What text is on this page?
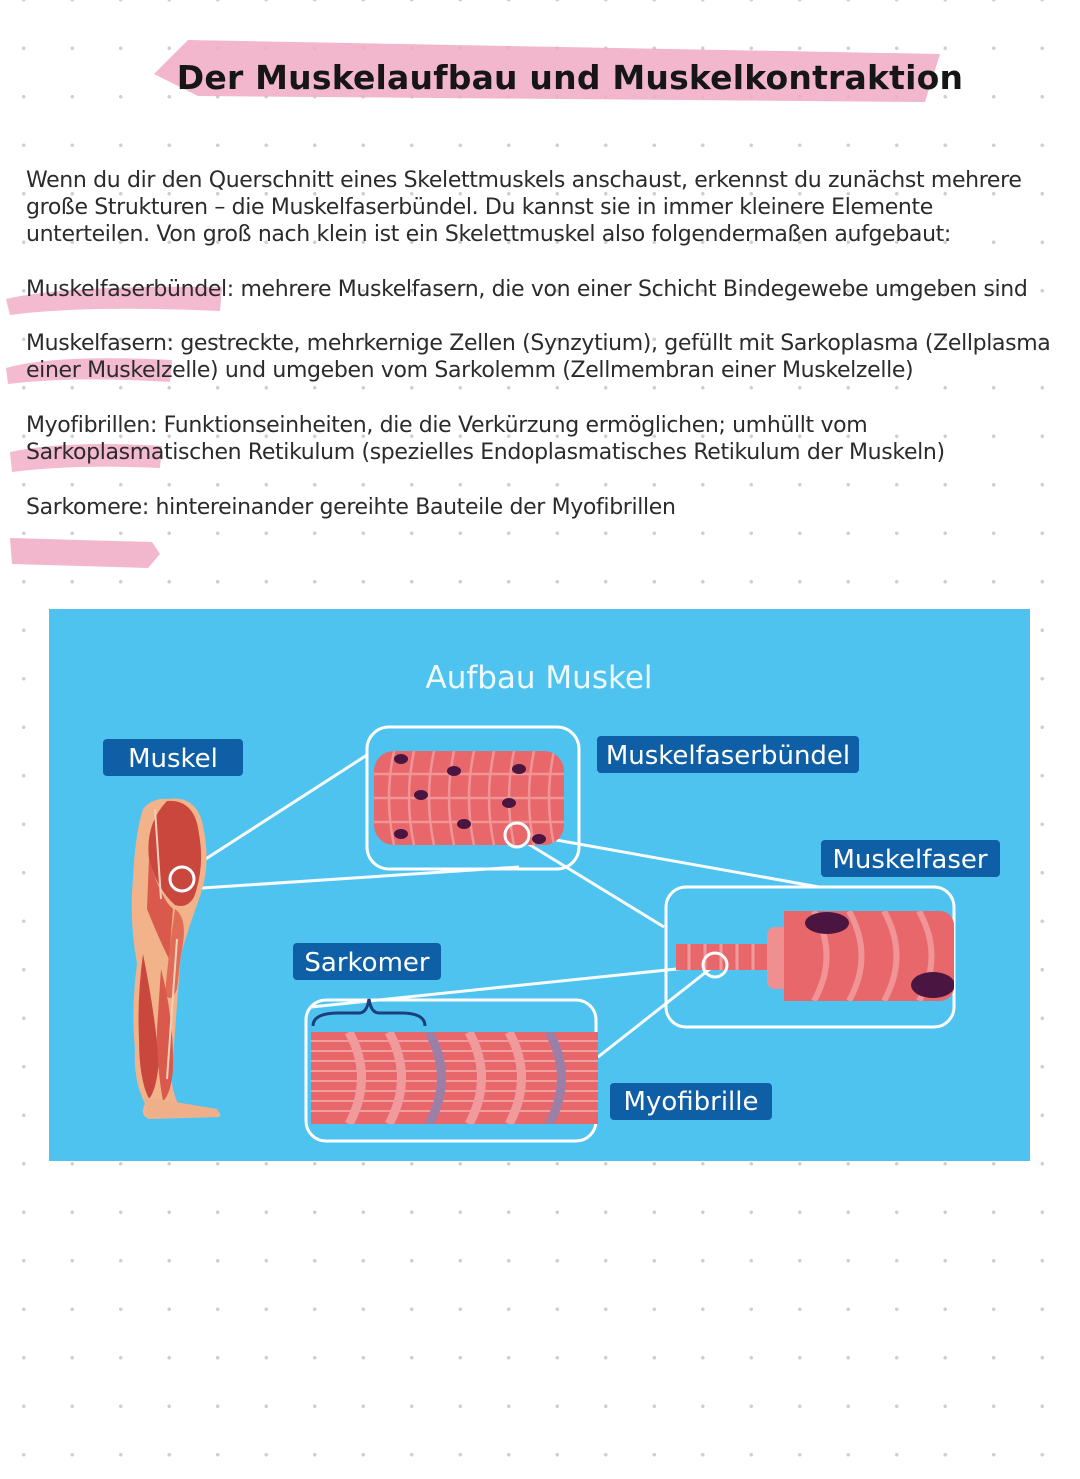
Der Muskelaufbau und Muskelkontraktion
Wenn du dir den Querschnitt eines Skelettmuskels anschaust, erkennst du zunächst mehrere
große Strukturen – die Muskelfaserbündel. Du kannst sie in immer kleinere Elemente
unterteilen. Von groß nach klein ist ein Skelettmuskel also folgendermaßen aufgebaut:
Muskelfaserbündel: mehrere Muskelfasern, die von einer Schicht Bindegewebe umgeben sind
Muskelfasern: gestreckte, mehrkernige Zellen (Synzytium), gefüllt mit Sarkoplasma (Zellplasma
einer Muskelzelle) und umgeben vom Sarkolemm (Zellmembran einer Muskelzelle)
Myofibrillen: Funktionseinheiten, die die Verkürzung ermöglichen; umhüllt vom
Sarkoplasmatischen Retikulum (spezielles Endoplasmatisches Retikulum der Muskeln)
Sarkomere: hintereinander gereihte Bauteile der Myofibrillen
Aufbau Muskel
Muskel	Muskelfaserbündel
Muskelfaser
Sarkomer
Myofibrille
